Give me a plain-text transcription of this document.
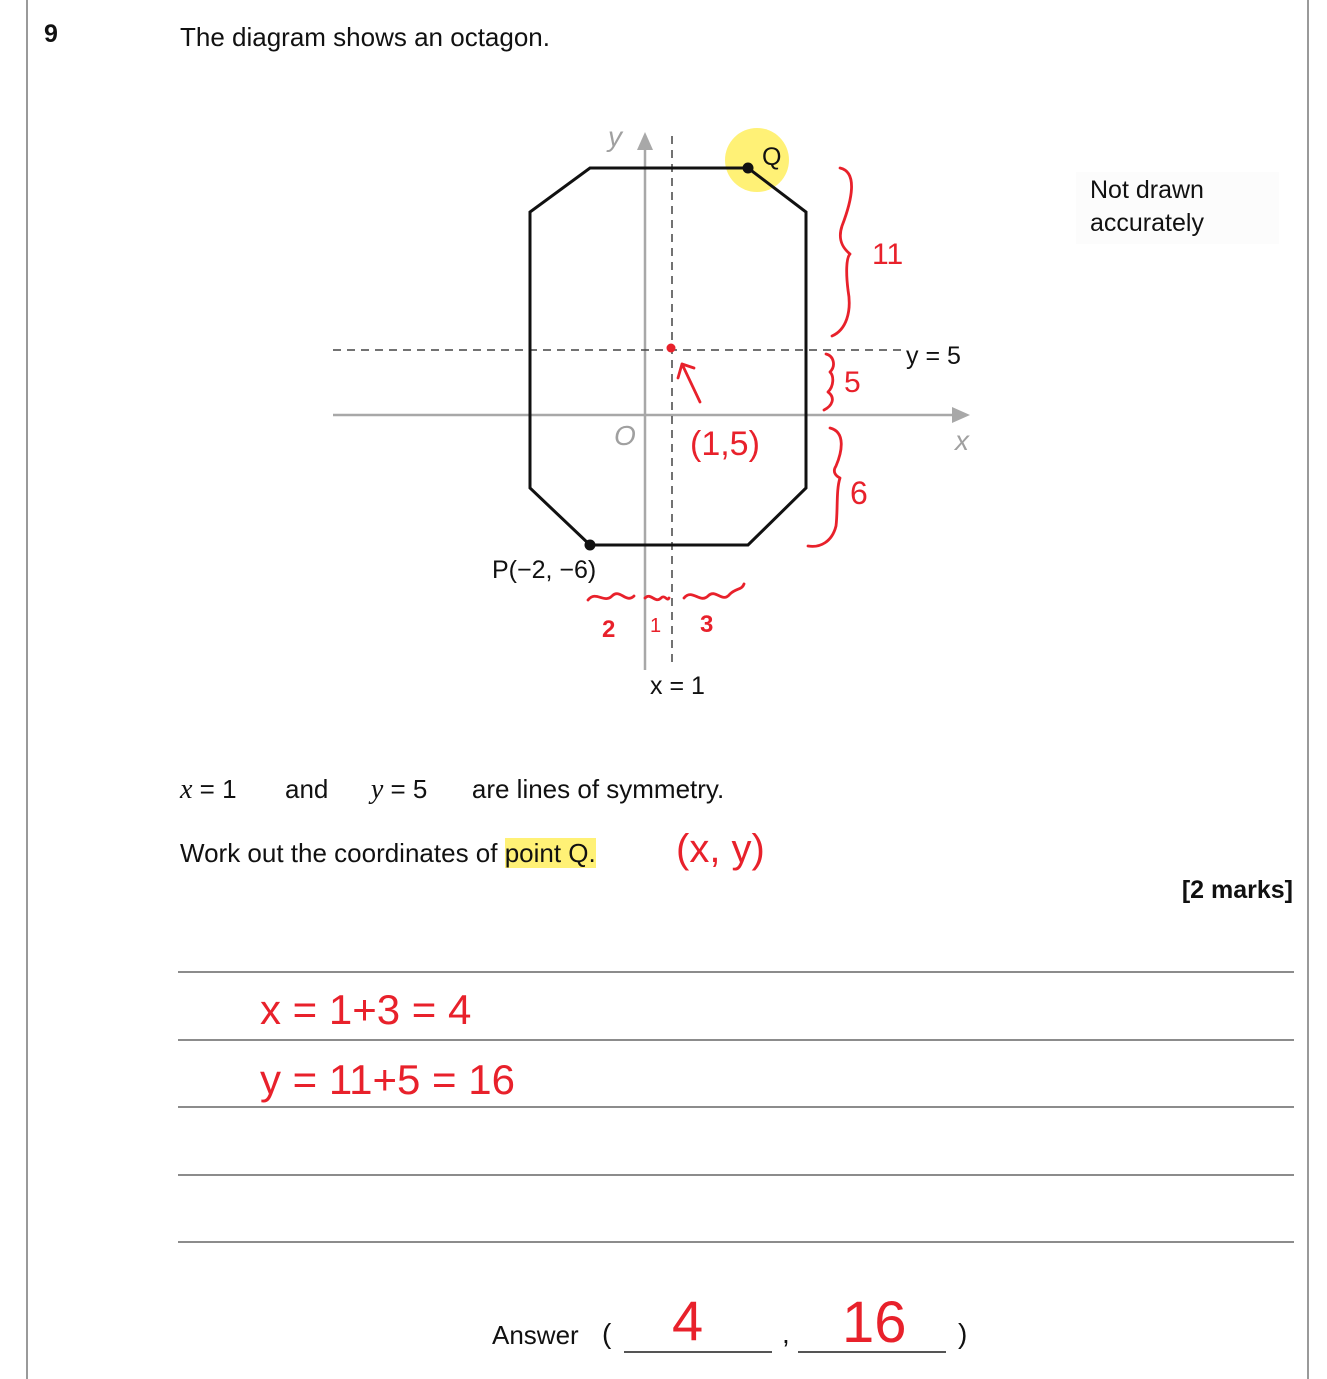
9	The diagram shows an octagon.
Not drawn accurately
y
x
O
Q
P(−2, −6)
y = 5
x = 1
(1,5)
11
5
6
2 1 3
x = 1 and y = 5 are lines of symmetry.
Work out the coordinates of point Q. (x, y)
[2 marks]
x = 1+3 = 4
y = 11+5 = 16
Answer (	,	)
4 16
